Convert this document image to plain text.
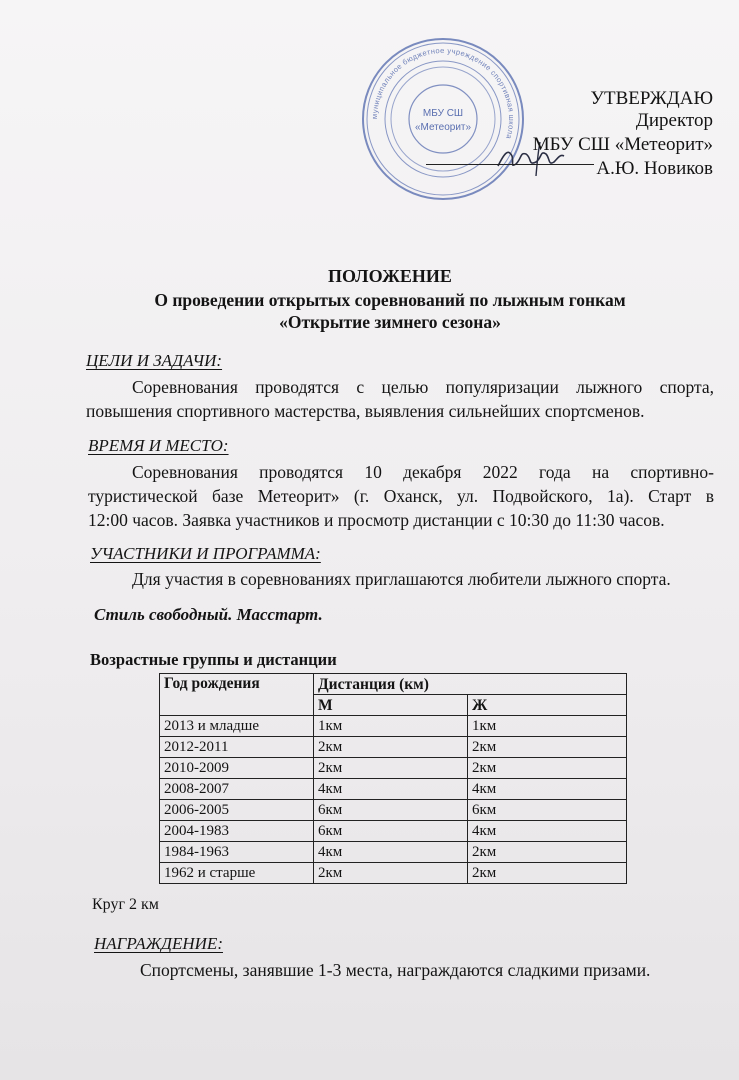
муниципальное бюджетное учреждение спортивная школа
МБУ СШ
«Метеорит»
УТВЕРЖДАЮ
Директор
МБУ СШ «Метеорит»
А.Ю. Новиков
ПОЛОЖЕНИЕ
О проведении открытых соревнований по лыжным гонкам
«Открытие зимнего сезона»
ЦЕЛИ И ЗАДАЧИ:
Соревнования проводятся с целью популяризации лыжного спорта,
повышения спортивного мастерства, выявления сильнейших спортсменов.
ВРЕМЯ И МЕСТО:
Соревнования проводятся 10 декабря 2022 года на спортивно-
туристической базе Метеорит» (г. Оханск, ул. Подвойского, 1а). Старт в
12:00 часов. Заявка участников и просмотр дистанции с 10:30 до 11:30 часов.
УЧАСТНИКИ И ПРОГРАММА:
Для участия в соревнованиях приглашаются любители лыжного спорта.
Стиль свободный. Масстарт.
Возрастные группы и дистанции
Год рождения	Дистанция (км)	
	М	Ж
2013 и младше	1км	1км
2012-2011	2км	2км
2010-2009	2км	2км
2008-2007	4км	4км
2006-2005	6км	6км
2004-1983	6км	4км
1984-1963	4км	2км
1962 и старше	2км	2км
Круг 2 км
НАГРАЖДЕНИЕ:
Спортсмены, занявшие 1-3 места, награждаются сладкими призами.
